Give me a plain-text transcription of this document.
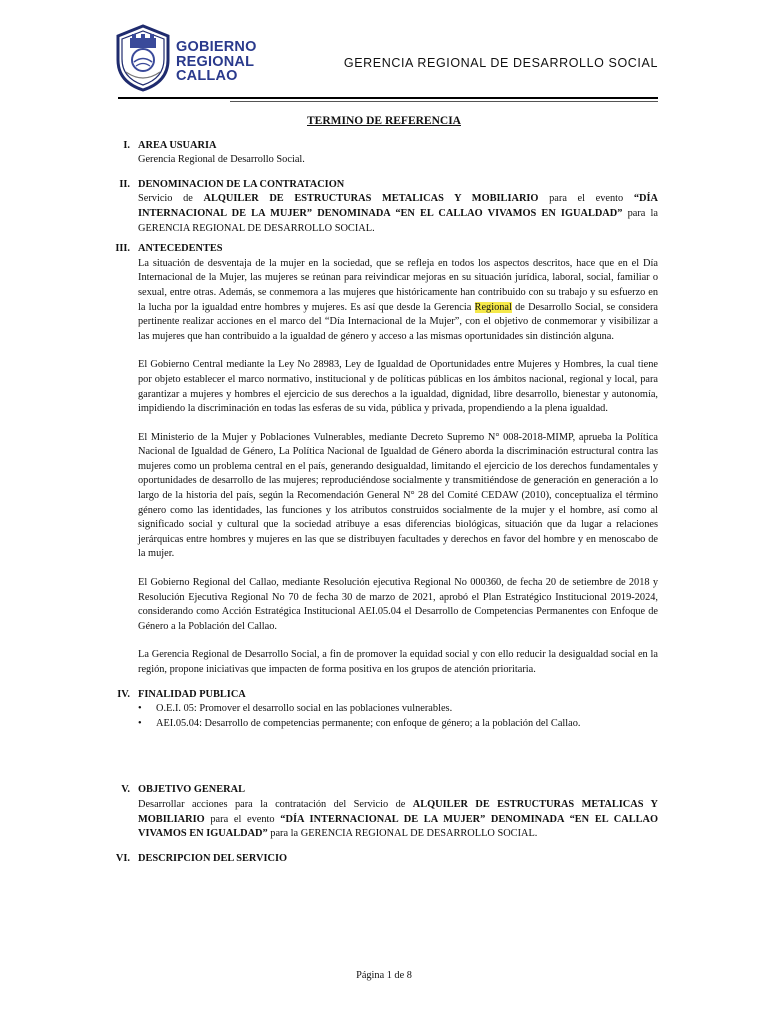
GOBIERNO
REGIONAL
CALLAO
GERENCIA REGIONAL DE DESARROLLO SOCIAL
TERMINO DE REFERENCIA
I. AREA USUARIA

Gerencia Regional de Desarrollo Social.

II. DENOMINACION DE LA CONTRATACION

Servicio de ALQUILER DE ESTRUCTURAS METALICAS Y MOBILIARIO para el evento “DÍA INTERNACIONAL DE LA MUJER” DENOMINADA “EN EL CALLAO VIVAMOS EN IGUALDAD” para la GERENCIA REGIONAL DE DESARROLLO SOCIAL.

III. ANTECEDENTES

La situación de desventaja de la mujer en la sociedad, que se refleja en todos los aspectos descritos, hace que en el Día Internacional de la Mujer, las mujeres se reúnan para reivindicar mejoras en su situación jurídica, laboral, social, familiar o sexual, entre otras. Además, se conmemora a las mujeres que históricamente han contribuido con su trabajo y su esfuerzo en la lucha por la igualdad entre hombres y mujeres. Es así que desde la Gerencia Regional de Desarrollo Social, se considera pertinente realizar acciones en el marco del “Día Internacional de la Mujer”, con el objetivo de conmemorar y visibilizar a las mujeres que han contribuido a la igualdad de género y acceso a las mismas oportunidades sin distinción alguna.

El Gobierno Central mediante la Ley No 28983, Ley de Igualdad de Oportunidades entre Mujeres y Hombres, la cual tiene por objeto establecer el marco normativo, institucional y de políticas públicas en los ámbitos nacional, regional y local, para garantizar a mujeres y hombres el ejercicio de sus derechos a la igualdad, dignidad, libre desarrollo, bienestar y autonomía, impidiendo la discriminación en todas las esferas de su vida, pública y privada, propendiendo a la plena igualdad.

El Ministerio de la Mujer y Poblaciones Vulnerables, mediante Decreto Supremo N° 008-2018-MIMP, aprueba la Política Nacional de Igualdad de Género, La Política Nacional de Igualdad de Género aborda la discriminación estructural contra las mujeres como un problema central en el país, generando desigualdad, limitando el ejercicio de los derechos fundamentales y oportunidades de desarrollo de las mujeres; reproduciéndose socialmente y transmitiéndose de generación en generación a lo largo de la historia del país, según la Recomendación General N° 28 del Comité CEDAW (2010), conceptualiza el término género como las identidades, las funciones y los atributos construidos socialmente de la mujer y el hombre, así como al significado social y cultural que la sociedad atribuye a esas diferencias biológicas, situación que da lugar a relaciones jerárquicas entre hombres y mujeres en las que se distribuyen facultades y derechos en favor del hombre y en menoscabo de la mujer.

El Gobierno Regional del Callao, mediante Resolución ejecutiva Regional No 000360, de fecha 20 de setiembre de 2018 y Resolución Ejecutiva Regional No 70 de fecha 30 de marzo de 2021, aprobó el Plan Estratégico Institucional 2019-2024, considerando como Acción Estratégica Institucional AEI.05.04 el Desarrollo de Competencias Permanentes con Enfoque de Género a la Población del Callao.

La Gerencia Regional de Desarrollo Social, a fin de promover la equidad social y con ello reducir la desigualdad social en la región, propone iniciativas que impacten de forma positiva en los grupos de atención prioritaria.

IV. FINALIDAD PUBLICA
• O.E.I. 05: Promover el desarrollo social en las poblaciones vulnerables.
• AEI.05.04: Desarrollo de competencias permanente; con enfoque de género; a la población del Callao.
V. OBJETIVO GENERAL

Desarrollar acciones para la contratación del Servicio de ALQUILER DE ESTRUCTURAS METALICAS Y MOBILIARIO para el evento “DÍA INTERNACIONAL DE LA MUJER” DENOMINADA “EN EL CALLAO VIVAMOS EN IGUALDAD” para la GERENCIA REGIONAL DE DESARROLLO SOCIAL.

VI. DESCRIPCION DEL SERVICIO
Página 1 de 8
